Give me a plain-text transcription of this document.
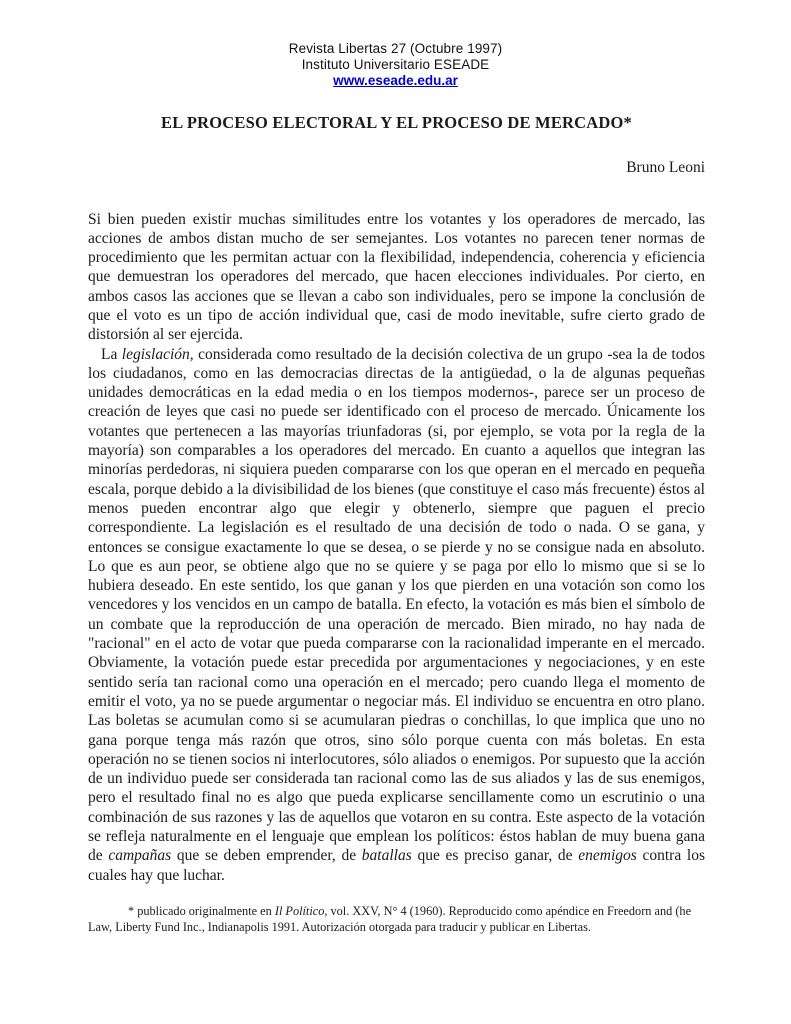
Revista Libertas 27 (Octubre 1997)
Instituto Universitario ESEADE
www.eseade.edu.ar
EL PROCESO ELECTORAL Y EL PROCESO DE MERCADO*
Bruno Leoni

Si bien pueden existir muchas similitudes entre los votantes y los operadores de mercado, las acciones de ambos distan mucho de ser semejantes. Los votantes no parecen tener normas de procedimiento que les permitan actuar con la flexibilidad, independencia, coherencia y eficiencia que demuestran los operadores del mercado, que hacen elecciones individuales. Por cierto, en ambos casos las acciones que se llevan a cabo son individuales, pero se impone la conclusión de que el voto es un tipo de acción individual que, casi de modo inevitable, sufre cierto grado de distorsión al ser ejercida.

La legislación, considerada como resultado de la decisión colectiva de un grupo -sea la de todos los ciudadanos, como en las democracias directas de la antigüedad, o la de algunas pequeñas unidades democráticas en la edad media o en los tiempos modernos-, parece ser un proceso de creación de leyes que casi no puede ser identificado con el proceso de mercado. Únicamente los votantes que pertenecen a las mayorías triunfadoras (si, por ejemplo, se vota por la regla de la mayoría) son comparables a los operadores del mercado. En cuanto a aquellos que integran las minorías perdedoras, ni siquiera pueden compararse con los que operan en el mercado en pequeña escala, porque debido a la divisibilidad de los bienes (que constituye el caso más frecuente) éstos al menos pueden encontrar algo que elegir y obtenerlo, siempre que paguen el precio correspondiente. La legislación es el resultado de una decisión de todo o nada. O se gana, y entonces se consigue exactamente lo que se desea, o se pierde y no se consigue nada en absoluto. Lo que es aun peor, se obtiene algo que no se quiere y se paga por ello lo mismo que si se lo hubiera deseado. En este sentido, los que ganan y los que pierden en una votación son como los vencedores y los vencidos en un campo de batalla. En efecto, la votación es más bien el símbolo de un combate que la reproducción de una operación de mercado. Bien mirado, no hay nada de "racional" en el acto de votar que pueda compararse con la racionalidad imperante en el mercado. Obviamente, la votación puede estar precedida por argumentaciones y negociaciones, y en este sentido sería tan racional como una operación en el mercado; pero cuando llega el momento de emitir el voto, ya no se puede argumentar o negociar más. El individuo se encuentra en otro plano. Las boletas se acumulan como si se acumularan piedras o conchillas, lo que implica que uno no gana porque tenga más razón que otros, sino sólo porque cuenta con más boletas. En esta operación no se tienen socios ni interlocutores, sólo aliados o enemigos. Por supuesto que la acción de un individuo puede ser considerada tan racional como las de sus aliados y las de sus enemigos, pero el resultado final no es algo que pueda explicarse sencillamente como un escrutinio o una combinación de sus razones y las de aquellos que votaron en su contra. Este aspecto de la votación se refleja naturalmente en el lenguaje que emplean los políticos: éstos hablan de muy buena gana de campañas que se deben emprender, de batallas que es preciso ganar, de enemigos contra los cuales hay que luchar.

* publicado originalmente en Il Político, vol. XXV, N° 4 (1960). Reproducido como apéndice en Freedorn and (he Law, Liberty Fund Inc., Indianapolis 1991. Autorización otorgada para traducir y publicar en Libertas.
